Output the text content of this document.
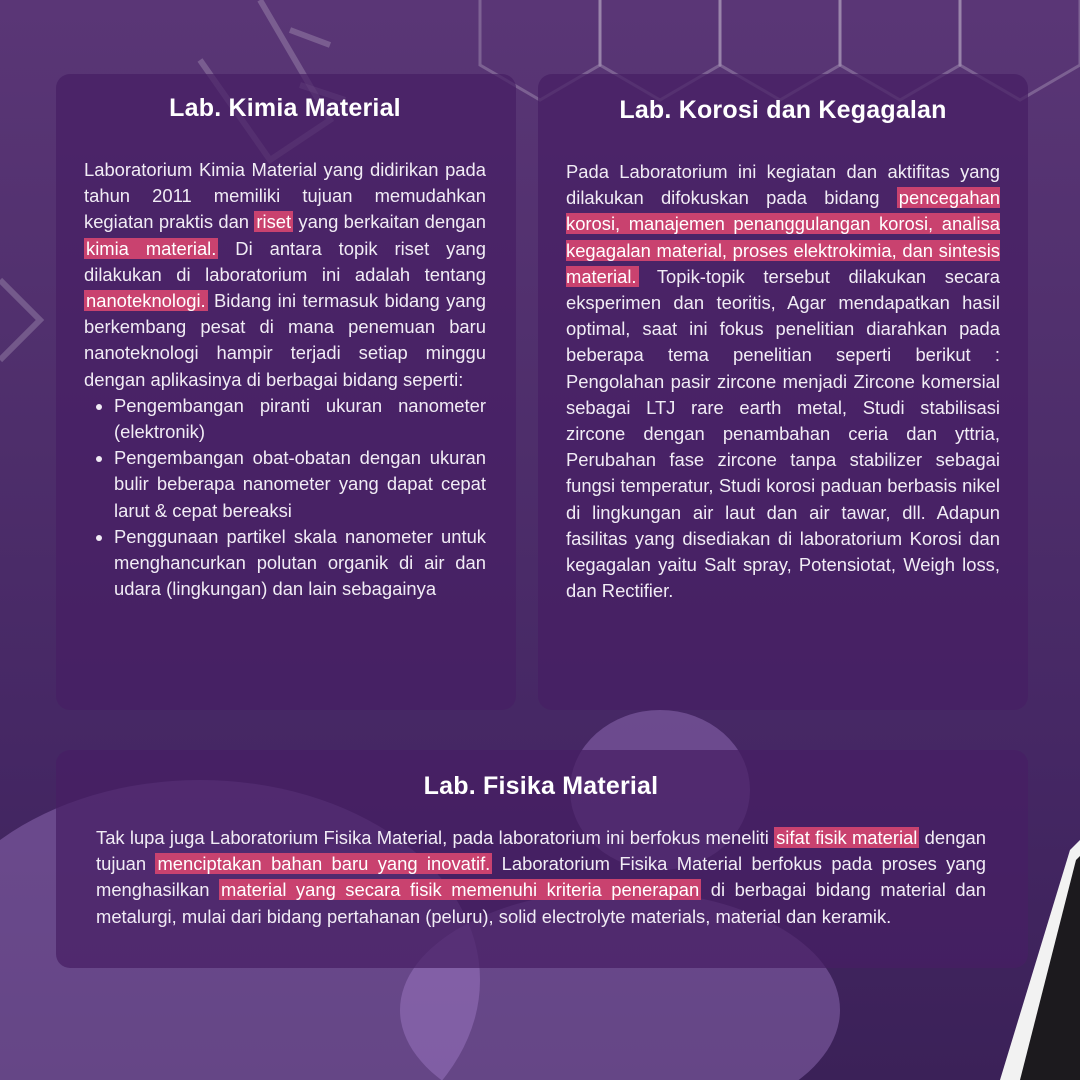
Lab. Kimia Material
Laboratorium Kimia Material yang didirikan pada tahun 2011 memiliki tujuan memudahkan kegiatan praktis dan riset yang berkaitan dengan kimia material. Di antara topik riset yang dilakukan di laboratorium ini adalah tentang nanoteknologi. Bidang ini termasuk bidang yang berkembang pesat di mana penemuan baru nanoteknologi hampir terjadi setiap minggu dengan aplikasinya di berbagai bidang seperti:
• Pengembangan piranti ukuran nanometer (elektronik)
• Pengembangan obat-obatan dengan ukuran bulir beberapa nanometer yang dapat cepat larut & cepat bereaksi
• Penggunaan partikel skala nanometer untuk menghancurkan polutan organik di air dan udara (lingkungan) dan lain sebagainya
Lab. Korosi dan Kegagalan
Pada Laboratorium ini kegiatan dan aktifitas yang dilakukan difokuskan pada bidang pencegahan korosi, manajemen penanggulangan korosi, analisa kegagalan material, proses elektrokimia, dan sintesis material. Topik-topik tersebut dilakukan secara eksperimen dan teoritis, Agar mendapatkan hasil optimal, saat ini fokus penelitian diarahkan pada beberapa tema penelitian seperti berikut : Pengolahan pasir zircone menjadi Zircone komersial sebagai LTJ rare earth metal, Studi stabilisasi zircone dengan penambahan ceria dan yttria, Perubahan fase zircone tanpa stabilizer sebagai fungsi temperatur, Studi korosi paduan berbasis nikel di lingkungan air laut dan air tawar, dll. Adapun fasilitas yang disediakan di laboratorium Korosi dan kegagalan yaitu Salt spray, Potensiotat, Weigh loss, dan Rectifier.
Lab. Fisika Material
Tak lupa juga Laboratorium Fisika Material, pada laboratorium ini berfokus meneliti sifat fisik material dengan tujuan menciptakan bahan baru yang inovatif. Laboratorium Fisika Material berfokus pada proses yang menghasilkan material yang secara fisik memenuhi kriteria penerapan di berbagai bidang material dan metalurgi, mulai dari bidang pertahanan (peluru), solid electrolyte materials, material dan keramik.
